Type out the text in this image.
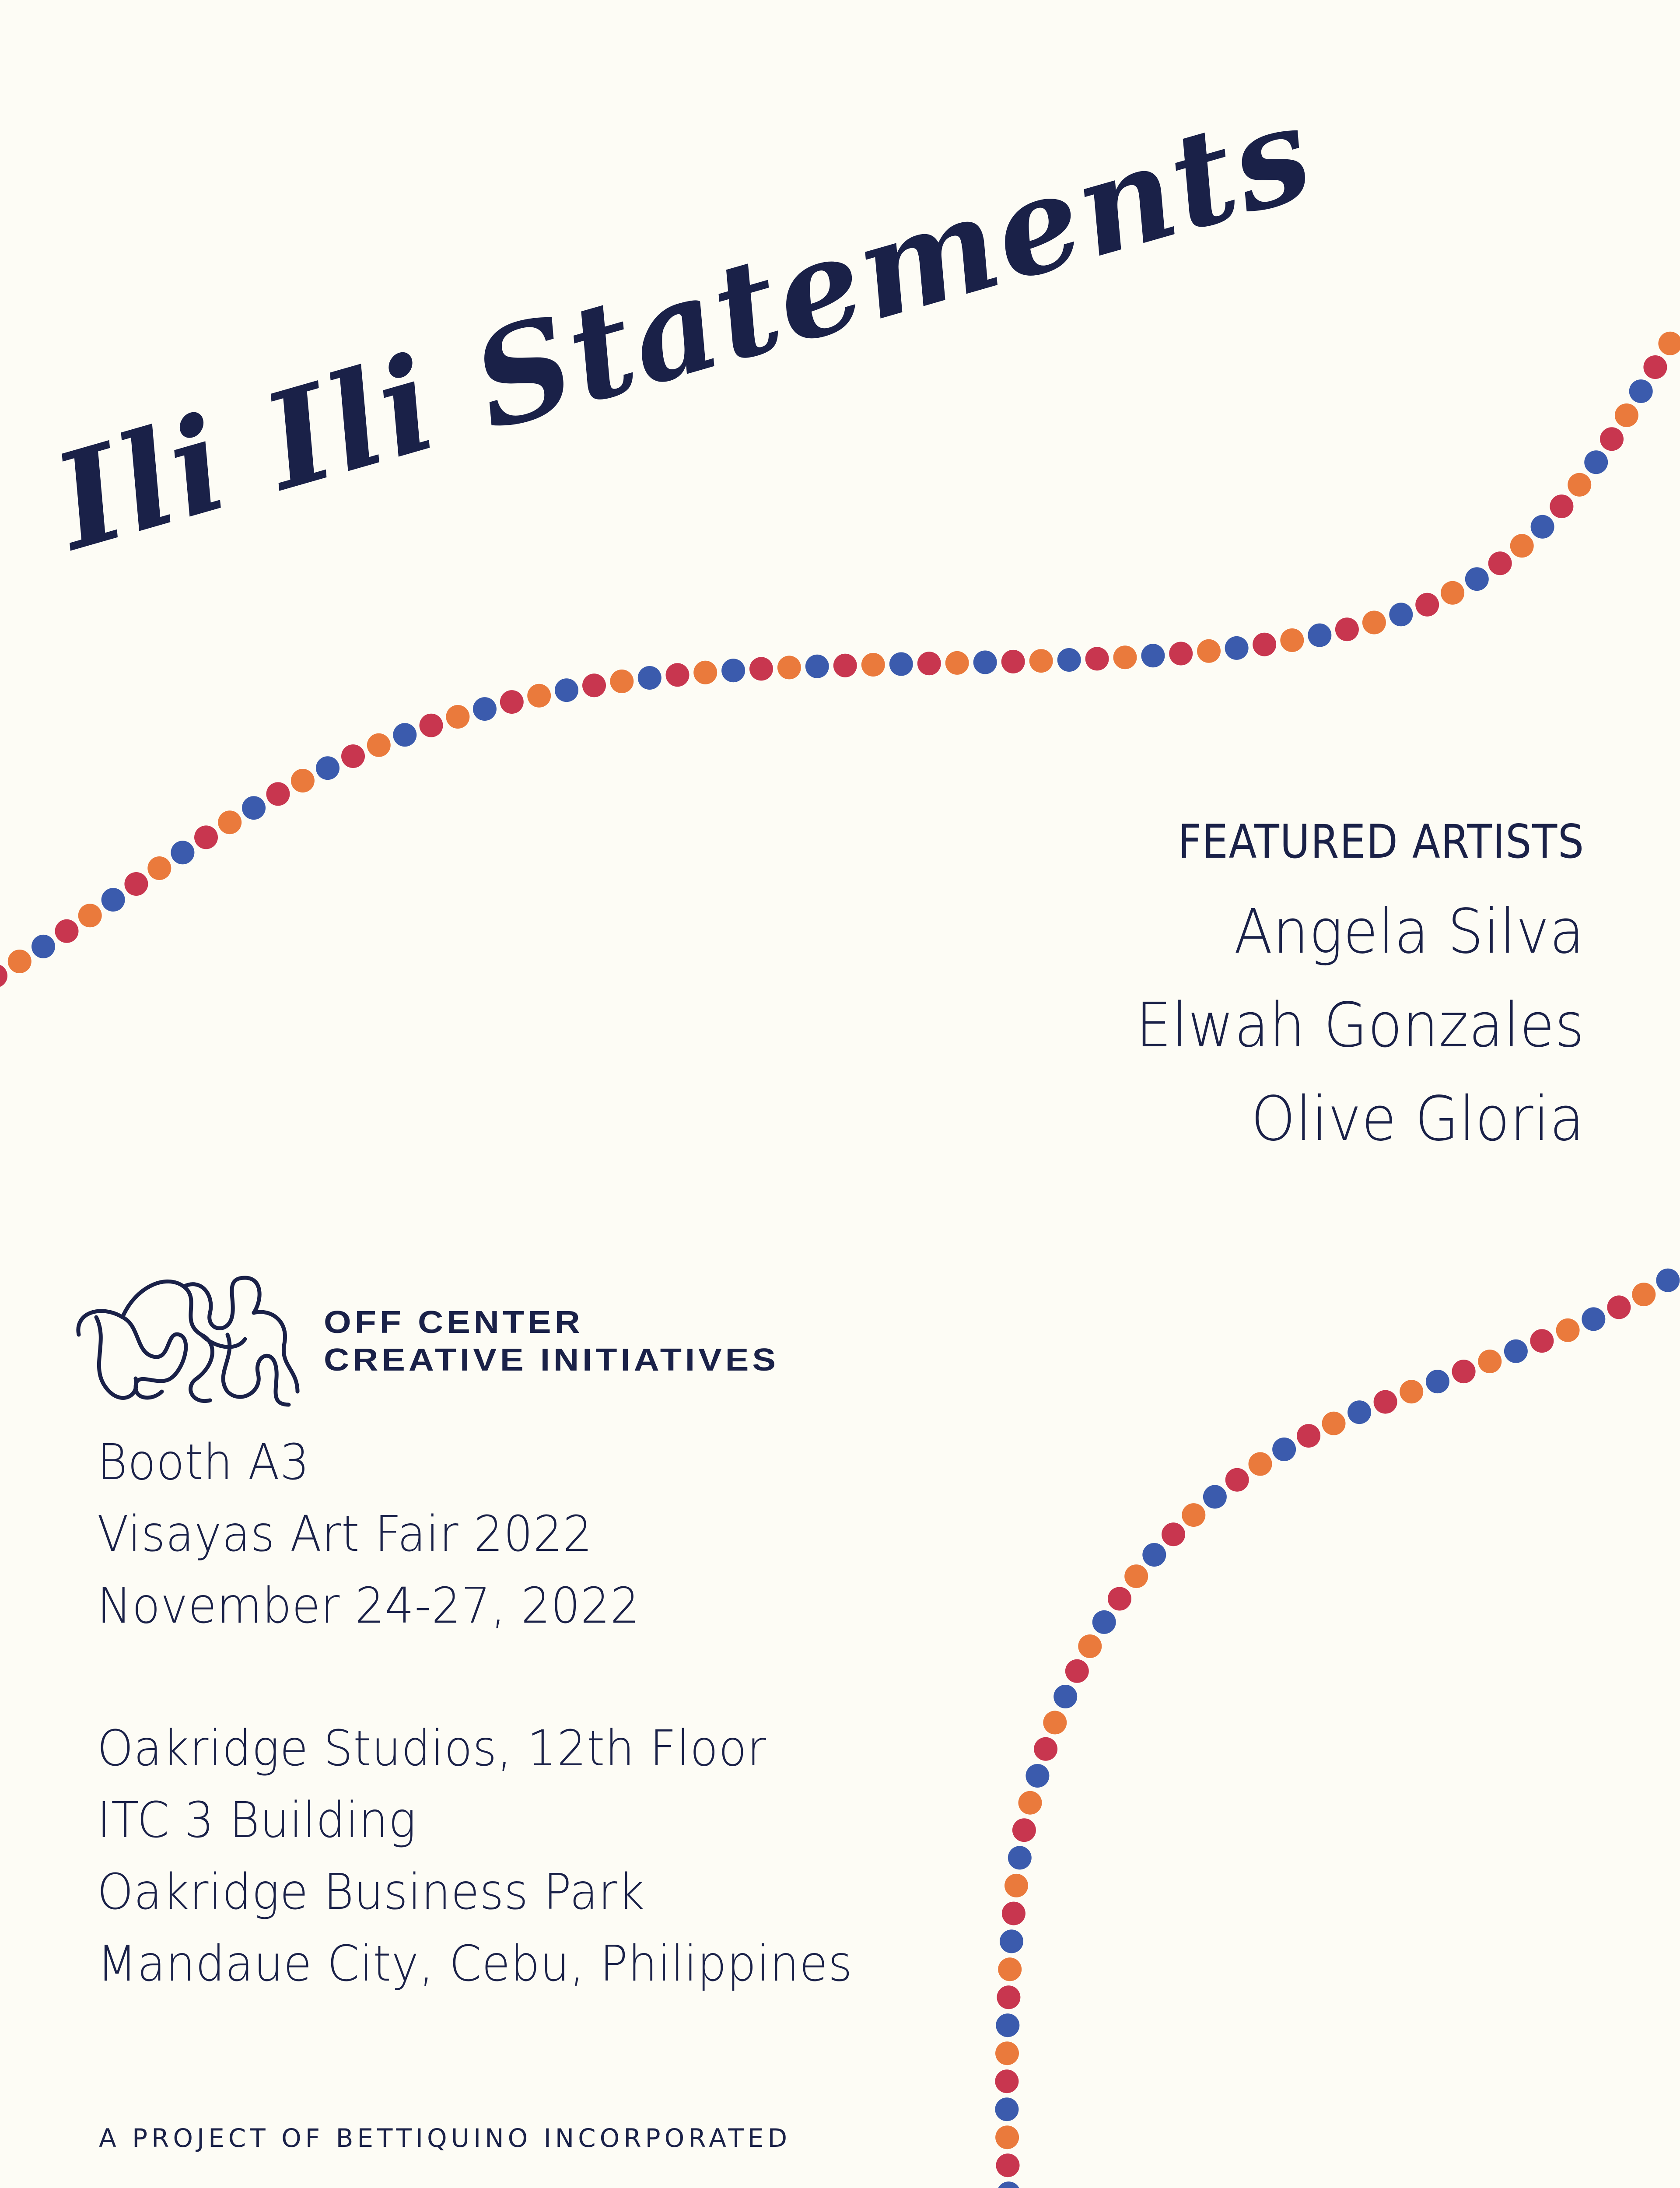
Ili Ili Statements
FEATURED ARTISTS
Angela Silva
Elwah Gonzales
Olive Gloria
OFF CENTER
CREATIVE INITIATIVES
Booth A3
Visayas Art Fair 2022
November 24-27, 2022
Oakridge Studios, 12th Floor
ITC 3 Building
Oakridge Business Park
Mandaue City, Cebu, Philippines
A PROJECT OF BETTIQUINO INCORPORATED
